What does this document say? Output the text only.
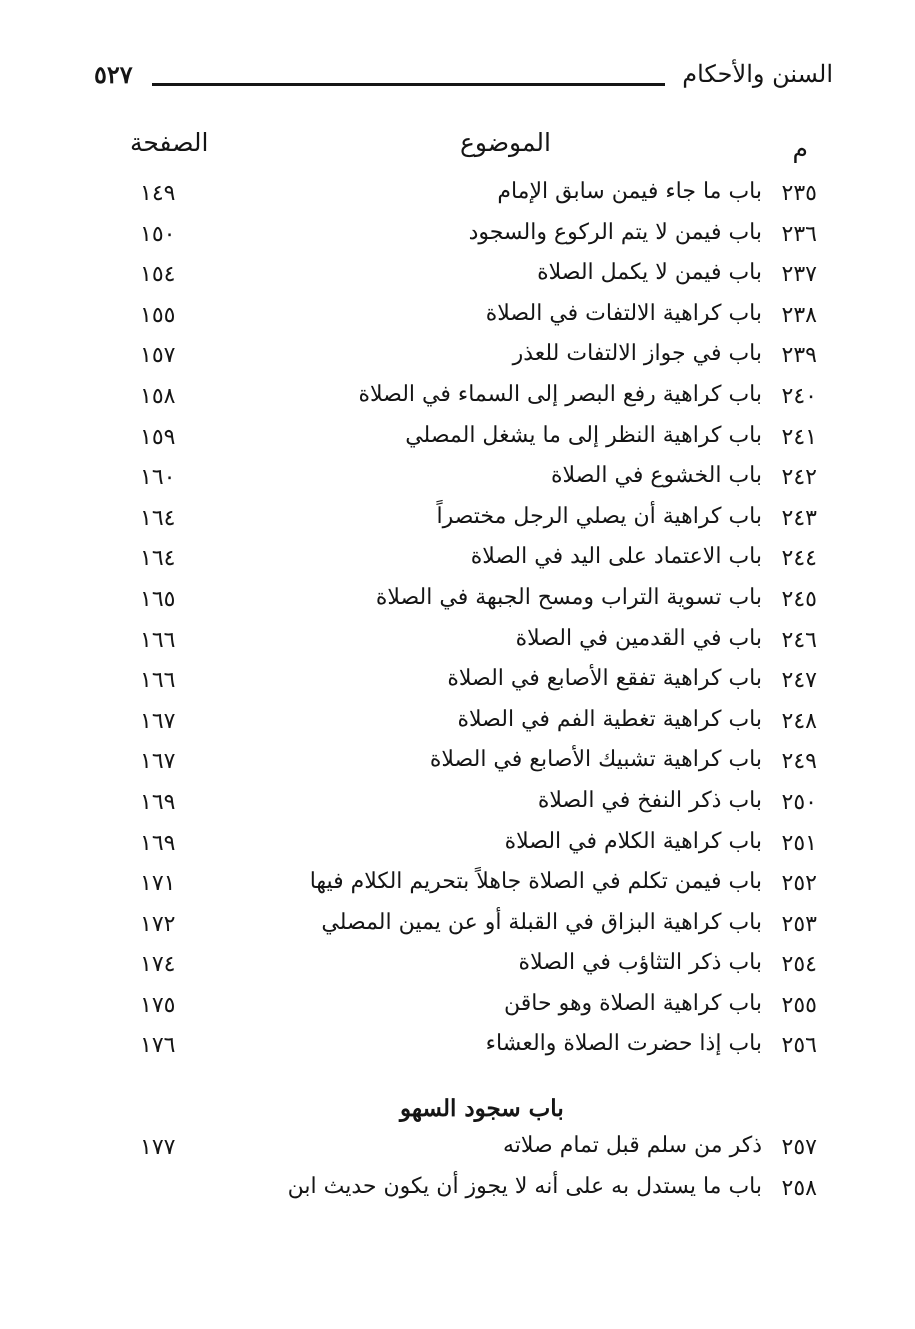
السنن والأحكام
٥٢٧
م
الموضوع
الصفحة
٢٣٥
باب ما جاء فيمن سابق الإمام
١٤٩
٢٣٦
باب فيمن لا يتم الركوع والسجود
١٥٠
٢٣٧
باب فيمن لا يكمل الصلاة
١٥٤
٢٣٨
باب كراهية الالتفات في الصلاة
١٥٥
٢٣٩
باب في جواز الالتفات للعذر
١٥٧
٢٤٠
باب كراهية رفع البصر إلى السماء في الصلاة
١٥٨
٢٤١
باب كراهية النظر إلى ما يشغل المصلي
١٥٩
٢٤٢
باب الخشوع في الصلاة
١٦٠
٢٤٣
باب كراهية أن يصلي الرجل مختصراً
١٦٤
٢٤٤
باب الاعتماد على اليد في الصلاة
١٦٤
٢٤٥
باب تسوية التراب ومسح الجبهة في الصلاة
١٦٥
٢٤٦
باب في القدمين في الصلاة
١٦٦
٢٤٧
باب كراهية تفقع الأصابع في الصلاة
١٦٦
٢٤٨
باب كراهية تغطية الفم في الصلاة
١٦٧
٢٤٩
باب كراهية تشبيك الأصابع في الصلاة
١٦٧
٢٥٠
باب ذكر النفخ في الصلاة
١٦٩
٢٥١
باب كراهية الكلام في الصلاة
١٦٩
٢٥٢
باب فيمن تكلم في الصلاة جاهلاً بتحريم الكلام فيها
١٧١
٢٥٣
باب كراهية البزاق في القبلة أو عن يمين المصلي
١٧٢
٢٥٤
باب ذكر التثاؤب في الصلاة
١٧٤
٢٥٥
باب كراهية الصلاة وهو حاقن
١٧٥
٢٥٦
باب إذا حضرت الصلاة والعشاء
١٧٦
باب سجود السهو
٢٥٧
ذكر من سلم قبل تمام صلاته
١٧٧
٢٥٨
باب ما يستدل به على أنه لا يجوز أن يكون حديث ابن
